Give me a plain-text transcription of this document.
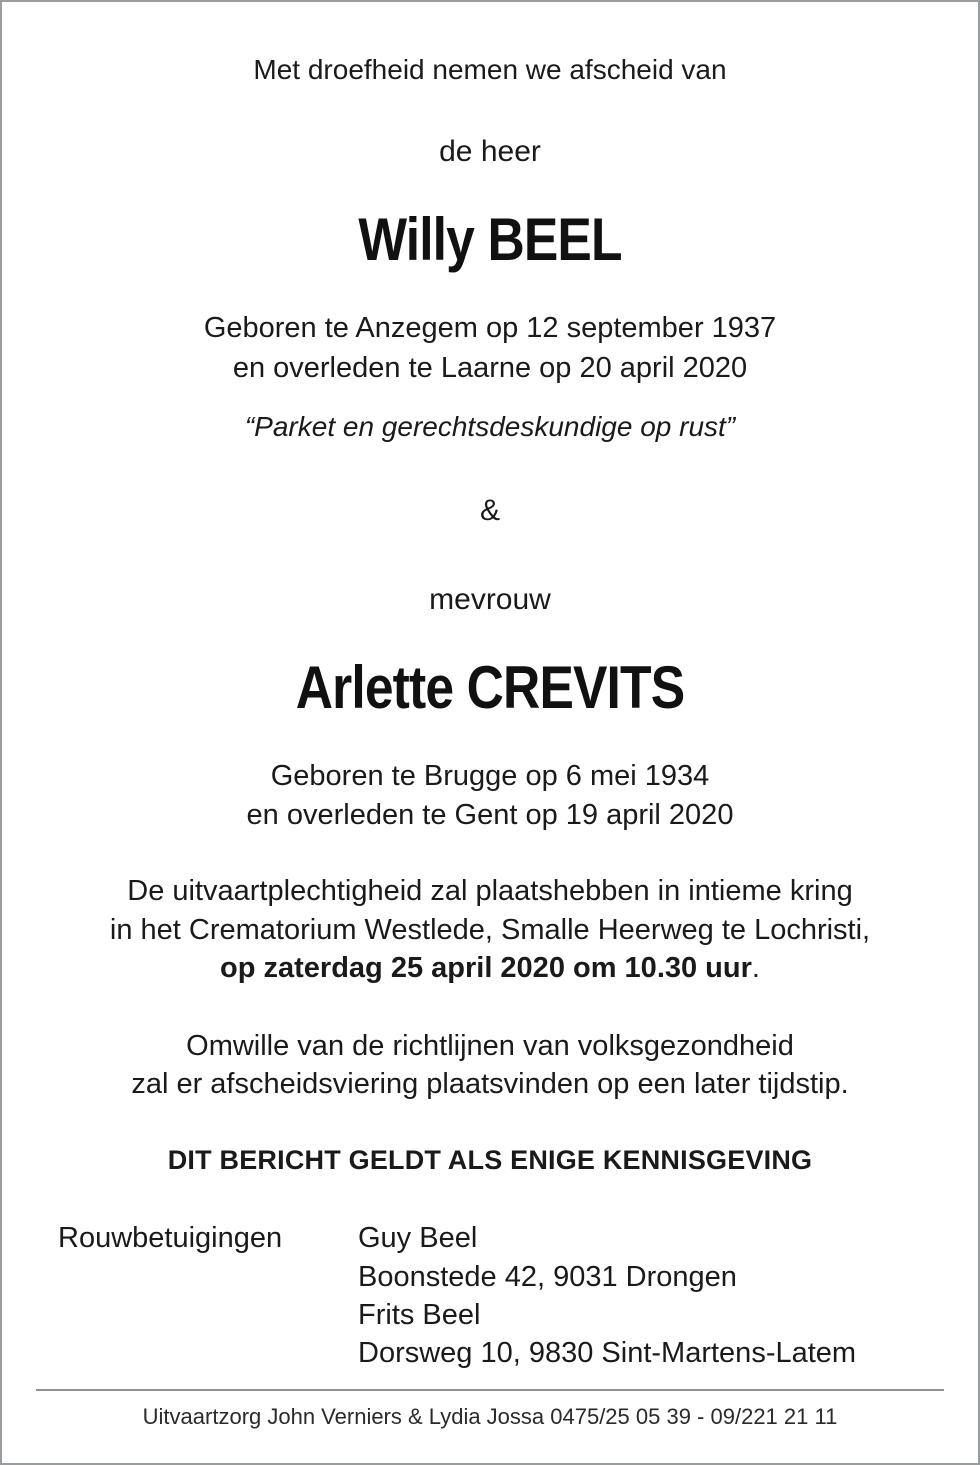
Met droefheid nemen we afscheid van
de heer
Willy BEEL
Geboren te Anzegem op 12 september 1937
en overleden te Laarne op 20 april 2020
“Parket en gerechtsdeskundige op rust”
&
mevrouw
Arlette CREVITS
Geboren te Brugge op 6 mei 1934
en overleden te Gent op 19 april 2020
De uitvaartplechtigheid zal plaatshebben in intieme kring
in het Crematorium Westlede, Smalle Heerweg te Lochristi,
op zaterdag 25 april 2020 om 10.30 uur.
Omwille van de richtlijnen van volksgezondheid
zal er afscheidsviering plaatsvinden op een later tijdstip.
DIT BERICHT GELDT ALS ENIGE KENNISGEVING
Rouwbetuigingen	Guy Beel
Boonstede 42, 9031 Drongen
Frits Beel
Dorsweg 10, 9830 Sint-Martens-Latem
Uitvaartzorg John Verniers & Lydia Jossa 0475/25 05 39 - 09/221 21 11
